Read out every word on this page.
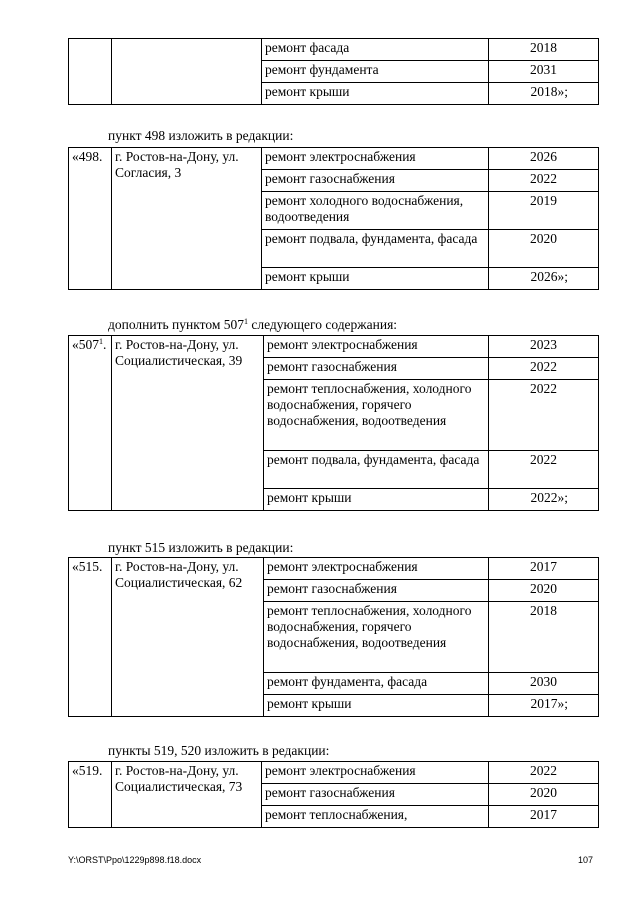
		ремонт фасада	2018
		ремонт фундамента	2031
		ремонт крыши	2018»;
пункт 498 изложить в редакции:
«498.	г. Ростов-на-Дону, ул. Согласия, 3	ремонт электроснабжения	2026
		ремонт газоснабжения	2022
		ремонт холодного водоснабжения, водоотведения	2019
		ремонт подвала, фундамента, фасада	2020
		ремонт крыши	2026»;
дополнить пунктом $507^1$ следующего содержания:
«$507^1$.	г. Ростов-на-Дону, ул. Социалистическая, 39	ремонт электроснабжения	2023
		ремонт газоснабжения	2022
		ремонт теплоснабжения, холодного водоснабжения, горячего водоснабжения, водоотведения	2022
		ремонт подвала, фундамента, фасада	2022
		ремонт крыши	2022»;
пункт 515 изложить в редакции:
«515.	г. Ростов-на-Дону, ул. Социалистическая, 62	ремонт электроснабжения	2017
		ремонт газоснабжения	2020
		ремонт теплоснабжения, холодного водоснабжения, горячего водоснабжения, водоотведения	2018
		ремонт фундамента, фасада	2030
		ремонт крыши	2017»;
пункты 519, 520 изложить в редакции:
«519.	г. Ростов-на-Дону, ул. Социалистическая, 73	ремонт электроснабжения	2022
		ремонт газоснабжения	2020
		ремонт теплоснабжения,	2017
Y:\ORST\Ppo\1229p898.f18.docx	107
